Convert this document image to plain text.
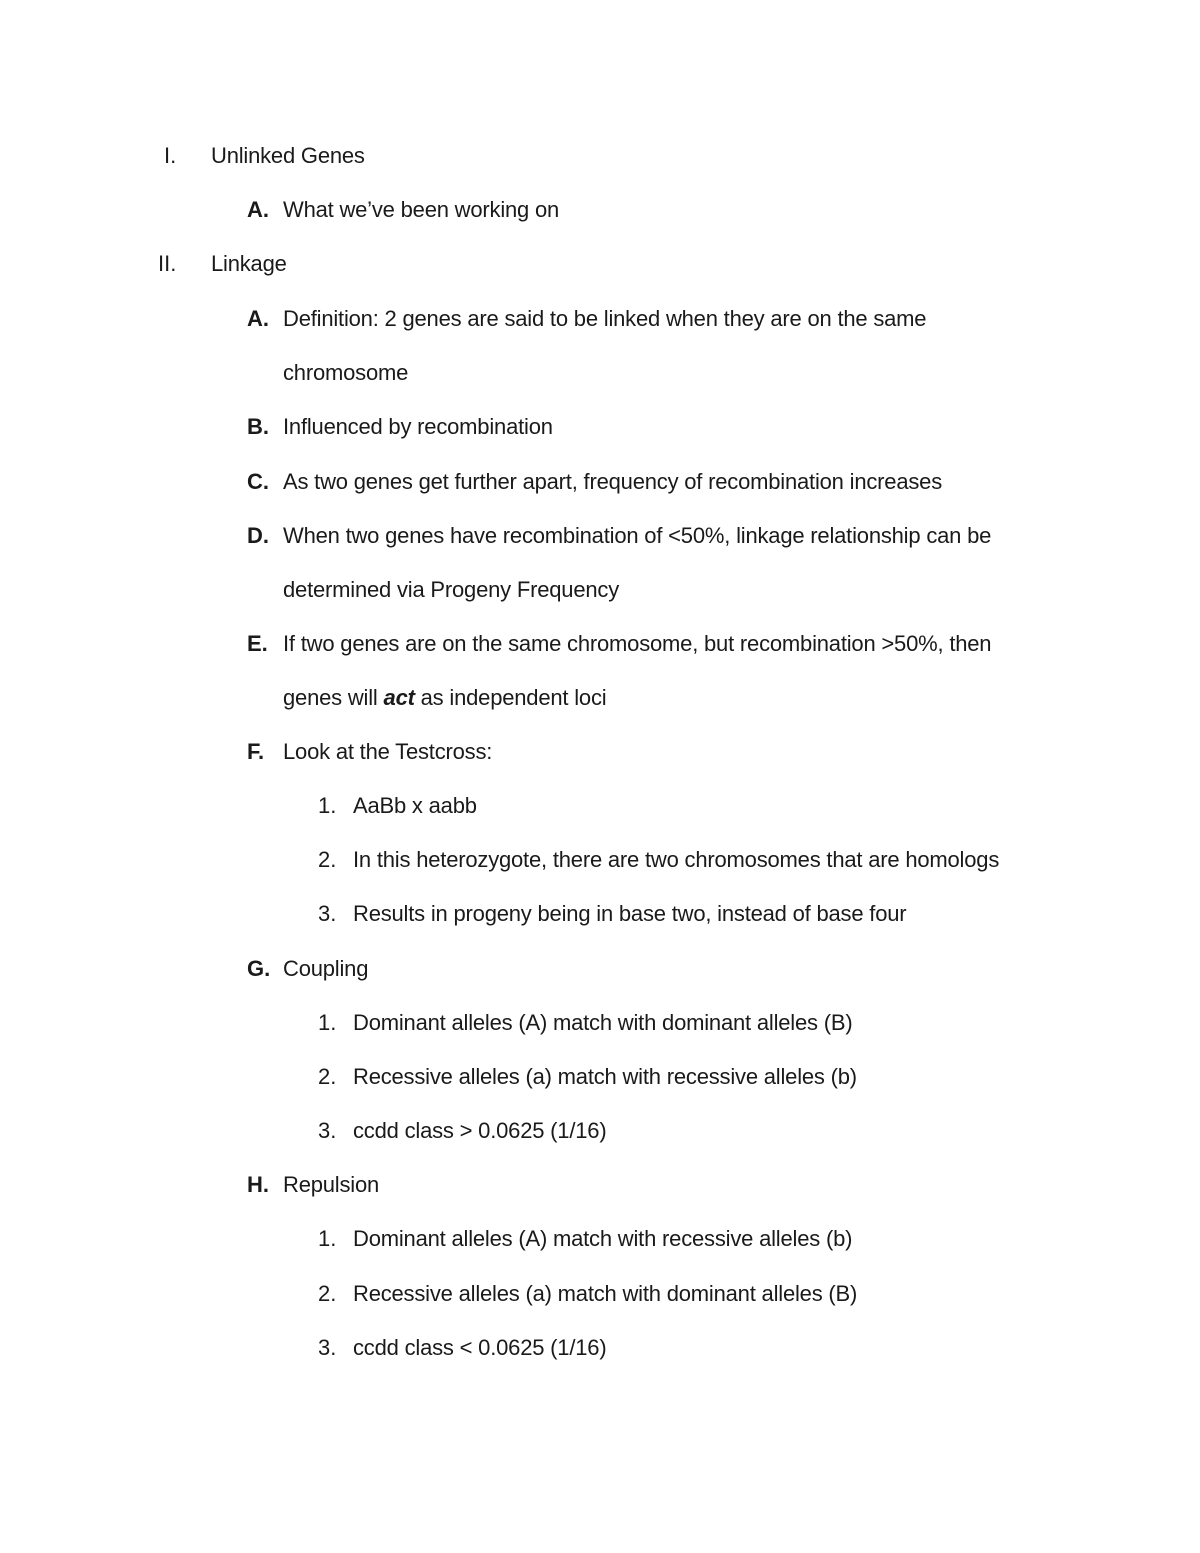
I. Unlinked Genes
A. What we’ve been working on
II. Linkage
A. Definition: 2 genes are said to be linked when they are on the same
chromosome
B. Influenced by recombination
C. As two genes get further apart, frequency of recombination increases
D. When two genes have recombination of <50%, linkage relationship can be
determined via Progeny Frequency
E. If two genes are on the same chromosome, but recombination >50%, then
genes will act as independent loci
F. Look at the Testcross:
1. AaBb x aabb
2. In this heterozygote, there are two chromosomes that are homologs
3. Results in progeny being in base two, instead of base four
G. Coupling
1. Dominant alleles (A) match with dominant alleles (B)
2. Recessive alleles (a) match with recessive alleles (b)
3. ccdd class > 0.0625 (1/16)
H. Repulsion
1. Dominant alleles (A) match with recessive alleles (b)
2. Recessive alleles (a) match with dominant alleles (B)
3. ccdd class < 0.0625 (1/16)
